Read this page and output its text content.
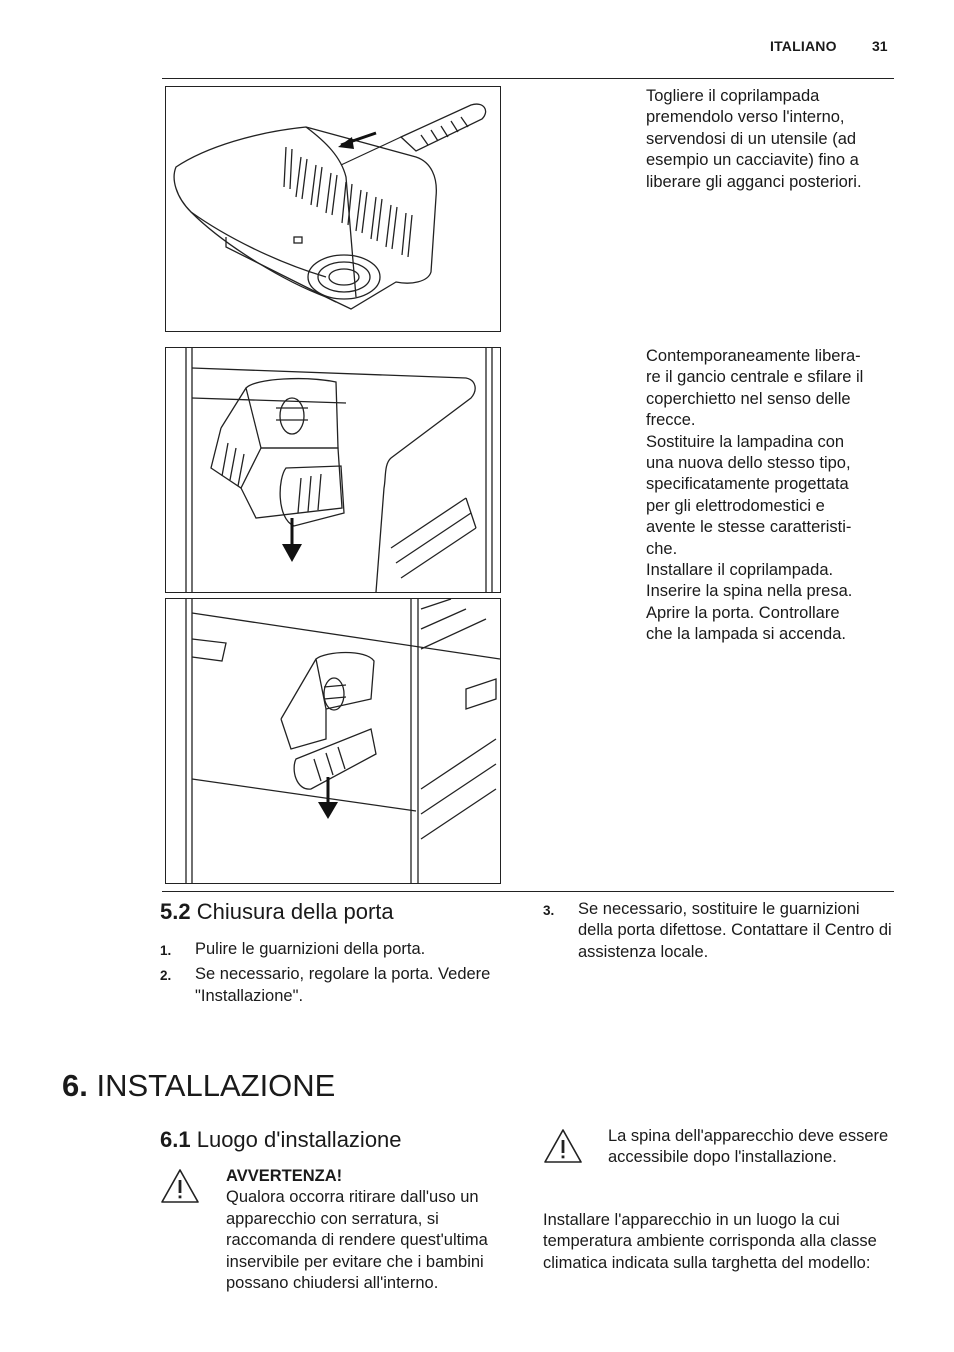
ITALIANO	31

Togliere il coprilampada premendolo verso l'interno, servendosi di un utensile (ad esempio un cacciavite) fino a liberare gli agganci posteriori.

Contemporaneamente libera-

re il gancio centrale e sfilare il

coperchietto nel senso delle

frecce.

Sostituire la lampadina con

una nuova dello stesso tipo,

specificatamente progettata

per gli elettrodomestici e

avente le stesse caratteristi-

che.

Installare il coprilampada.

Inserire la spina nella presa.

Aprire la porta. Controllare

che la lampada si accenda.

5.2 Chiusura della porta
1. Pulire le guarnizioni della porta.
2. Se necessario, regolare la porta. Vedere "Installazione".
3. Se necessario, sostituire le guarnizioni della porta difettose. Contattare il Centro di assistenza locale.
6. INSTALLAZIONE
6.1 Luogo d'installazione

AVVERTENZA!

Qualora occorra ritirare dall'uso un apparecchio con serratura, si raccomanda di rendere quest'ultima inservibile per evitare che i bambini possano chiudersi all'interno.

La spina dell'apparecchio deve essere accessibile dopo l'installazione.

Installare l'apparecchio in un luogo la cui temperatura ambiente corrisponda alla classe climatica indicata sulla targhetta del modello:
